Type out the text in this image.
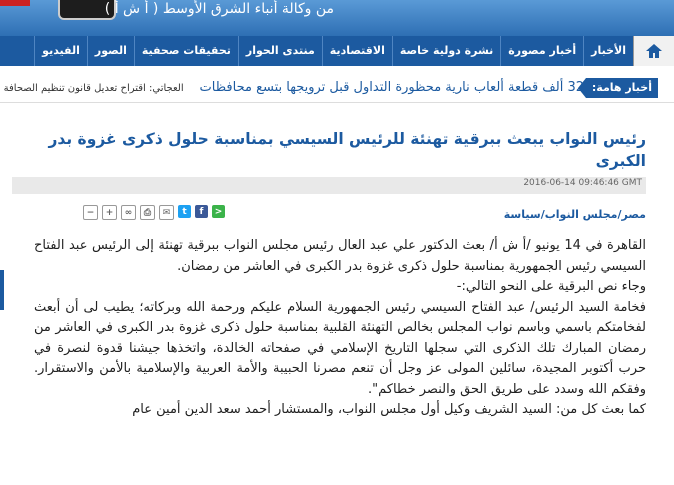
من وكالة أنباء الشرق الأوسط ( أ ش أ )
الأخبار
أخبار مصورة
نشرة دولية خاصة
الاقتصادية
منتدى الحوار
تحقيقات صحفية
الصور
الفيديو
أخبار هامة:
32 ألف قطعة ألعاب نارية محظورة التداول قبل ترويجها بتسع محافظات     العجاتي: اقتراح تعديل قانون تنظيم الصحافة
رئيس النواب يبعث ببرقية تهنئة للرئيس السيسي بمناسبة حلول ذكرى غزوة بدر الكبرى
2016-06-14 09:46:46 GMT
مصر/مجلس النواب/سياسة
<
f
t
✉
⎙
∞
+
−

القاهرة في 14 يونيو /أ ش أ/ بعث الدكتور علي عبد العال رئيس مجلس النواب ببرقية تهنئة إلى الرئيس عبد الفتاح السيسي رئيس الجمهورية بمناسبة حلول ذكرى غزوة بدر الكبرى في العاشر من رمضان.

وجاء نص البرقية على النحو التالي:-

فخامة السيد الرئيس/ عبد الفتاح السيسي رئيس الجمهورية السلام عليكم ورحمة الله وبركاته؛ يطيب لى أن أبعث لفخامتكم باسمي وباسم نواب المجلس بخالص التهنئة القلبية بمناسبة حلول ذكرى غزوة بدر الكبرى في العاشر من رمضان المبارك تلك الذكرى التي سجلها التاريخ الإسلامي في صفحاته الخالدة، واتخذها جيشنا قدوة لنصرة في حرب أكتوبر المجيدة، سائلين المولى عز وجل أن تنعم مصرنا الحبيبة والأمة العربية والإسلامية بالأمن والاستقرار. وفقكم الله وسدد على طريق الحق والنصر خطاكم".

كما بعث كل من: السيد الشريف وكيل أول مجلس النواب، والمستشار أحمد سعد الدين أمين عام
